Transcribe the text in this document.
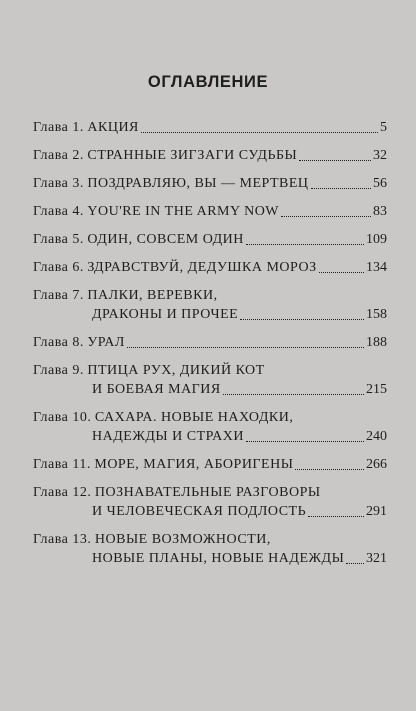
ОГЛАВЛЕНИЕ
Глава 1.
АКЦИЯ	5
Глава 2.
СТРАННЫЕ ЗИГЗАГИ СУДЬБЫ	32
Глава 3.
ПОЗДРАВЛЯЮ, ВЫ — МЕРТВЕЦ	56
Глава 4.
YOU'RE IN THE ARMY NOW	83
Глава 5.
ОДИН, СОВСЕМ ОДИН	109
Глава 6.
ЗДРАВСТВУЙ, ДЕДУШКА МОРОЗ	134
Глава 7.
ПАЛКИ, ВЕРЕВКИ,
ДРАКОНЫ И ПРОЧЕЕ	158
Глава 8.
УРАЛ	188
Глава 9.
ПТИЦА РУХ, ДИКИЙ КОТ
И БОЕВАЯ МАГИЯ	215
Глава 10.
САХАРА. НОВЫЕ НАХОДКИ,
НАДЕЖДЫ И СТРАХИ	240
Глава 11.
МОРЕ, МАГИЯ, АБОРИГЕНЫ	266
Глава 12.
ПОЗНАВАТЕЛЬНЫЕ РАЗГОВОРЫ
И ЧЕЛОВЕЧЕСКАЯ ПОДЛОСТЬ	291
Глава 13.
НОВЫЕ ВОЗМОЖНОСТИ,
НОВЫЕ ПЛАНЫ, НОВЫЕ НАДЕЖДЫ 321
